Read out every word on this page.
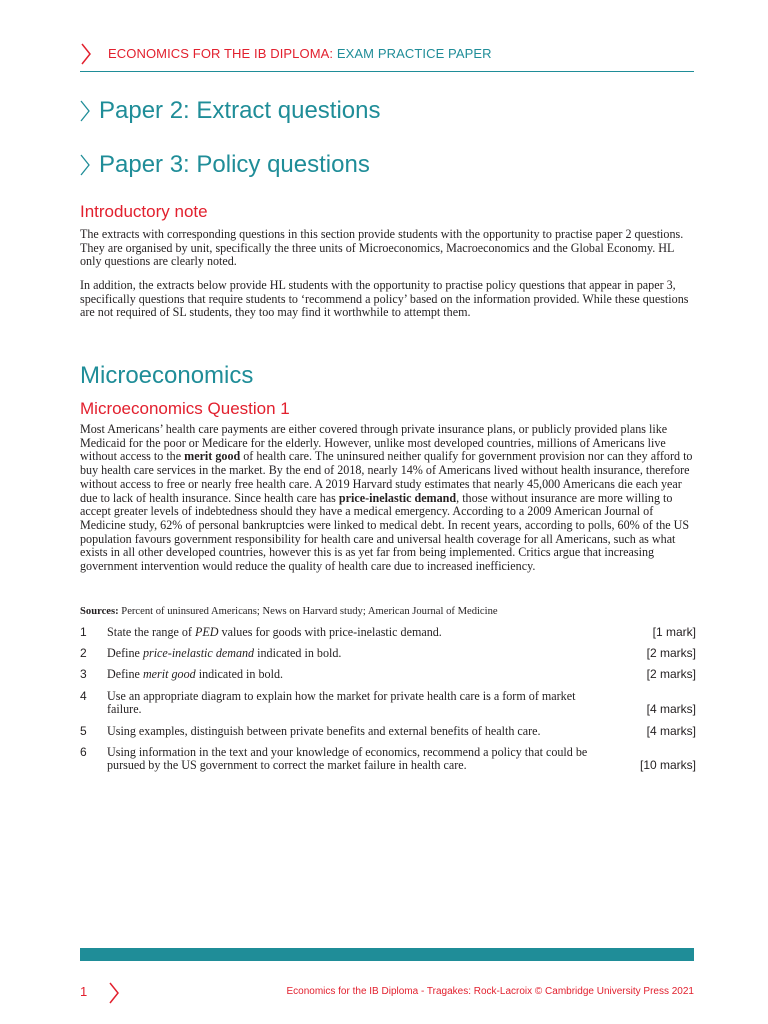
ECONOMICS FOR THE IB DIPLOMA: EXAM PRACTICE PAPER
Paper 2: Extract questions
Paper 3: Policy questions
Introductory note

The extracts with corresponding questions in this section provide students with the opportunity to practise paper 2 questions. They are organised by unit, specifically the three units of Microeconomics, Macroeconomics and the Global Economy. HL only questions are clearly noted.

In addition, the extracts below provide HL students with the opportunity to practise policy questions that appear in paper 3, specifically questions that require students to ‘recommend a policy’ based on the information provided. While these questions are not required of SL students, they too may find it worthwhile to attempt them.

Microeconomics
Microeconomics Question 1

Most Americans’ health care payments are either covered through private insurance plans, or publicly provided plans like Medicaid for the poor or Medicare for the elderly. However, unlike most developed countries, millions of Americans live without access to the merit good of health care. The uninsured neither qualify for government provision nor can they afford to buy health care services in the market. By the end of 2018, nearly 14% of Americans lived without health insurance, therefore without access to free or nearly free health care. A 2019 Harvard study estimates that nearly 45,000 Americans die each year due to lack of health insurance. Since health care has price-inelastic demand, those without insurance are more willing to accept greater levels of indebtedness should they have a medical emergency. According to a 2009 American Journal of Medicine study, 62% of personal bankruptcies were linked to medical debt. In recent years, according to polls, 60% of the US population favours government responsibility for health care and universal health coverage for all Americans, such as what exists in all other developed countries, however this is as yet far from being implemented. Critics argue that increasing government intervention would reduce the quality of health care due to increased inefficiency.

Sources: Percent of uninsured Americans; News on Harvard study; American Journal of Medicine

1 State the range of PED values for goods with price-inelastic demand.	[1 mark]
2 Define price-inelastic demand indicated in bold.	[2 marks]
3 Define merit good indicated in bold.	[2 marks]
4 Use an appropriate diagram to explain how the market for private health care is a form of market failure.	[4 marks]
5 Using examples, distinguish between private benefits and external benefits of health care.	[4 marks]
6 Using information in the text and your knowledge of economics, recommend a policy that could be pursued by the US government to correct the market failure in health care.	[10 marks]
1	Economics for the IB Diploma - Tragakes: Rock-Lacroix © Cambridge University Press 2021
